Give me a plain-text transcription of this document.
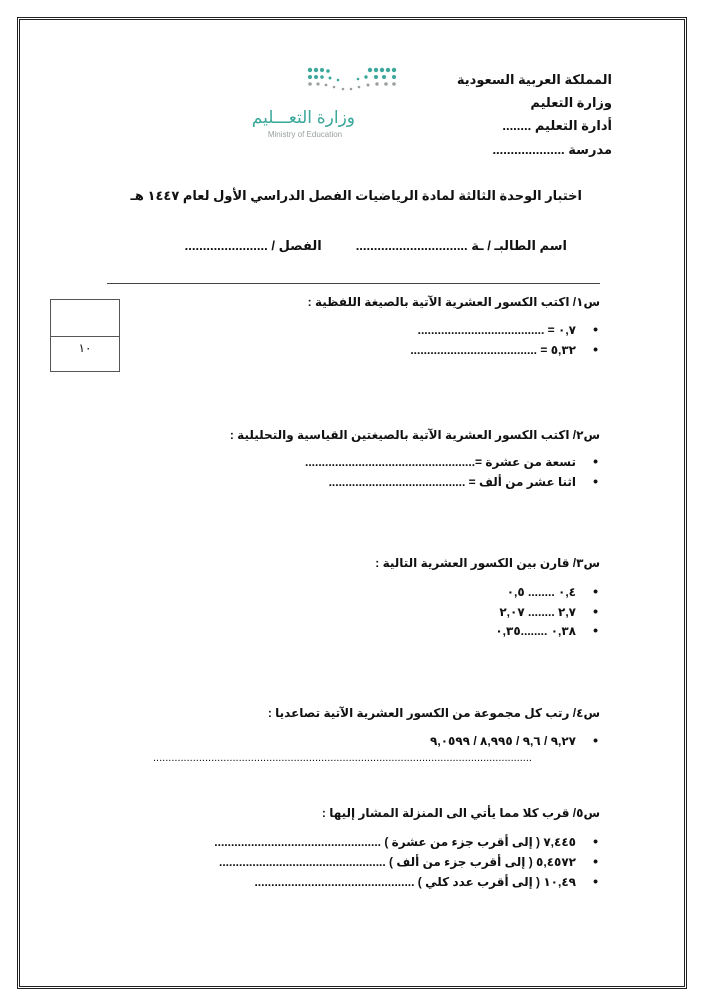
وزارة التعـــليم
Ministry of Education
المملكة العربية السعودية
وزارة التعليم
أدارة التعليم ........
مدرسة ....................
اختبار الوحدة الثالثة لمادة الرياضيات الفصل الدراسي الأول لعام ١٤٤٧ هـ
اسم الطالبـ / ـة ...............................
الفصل / .......................
١٠
س١/ اكتب الكسور العشرية الآتية بالصيغة اللفظية :
•
٠,٧ = ......................................
•
٥,٣٢ = ......................................
س٢/ اكتب الكسور العشرية الآتية بالصيغتين القياسية والتحليلية :
•
تسعة من عشرة =...................................................
•
اثنا عشر من ألف = .........................................
س٣/ قارن بين الكسور العشرية التالية :
•
٠,٤ ........ ٠,٥
•
٢,٧ ........ ٢,٠٧
•
٠,٣٨ ........٠,٣٥
س٤/ رتب كل مجموعة من الكسور العشرية الآتية تصاعديا :
•
٩,٢٧ / ٩,٦ / ٨,٩٩٥ / ٩,٠٥٩٩
............................................................................................................................
س٥/ قرب كلا مما يأتي الى المنزلة المشار إليها :
•
٧,٤٤٥ ( إلى أقرب جزء من عشرة ) ..................................................
•
٥,٤٥٧٢ ( إلى أقرب جزء من ألف ) ..................................................
•
١٠,٤٩ ( إلى أقرب عدد كلي ) ................................................
